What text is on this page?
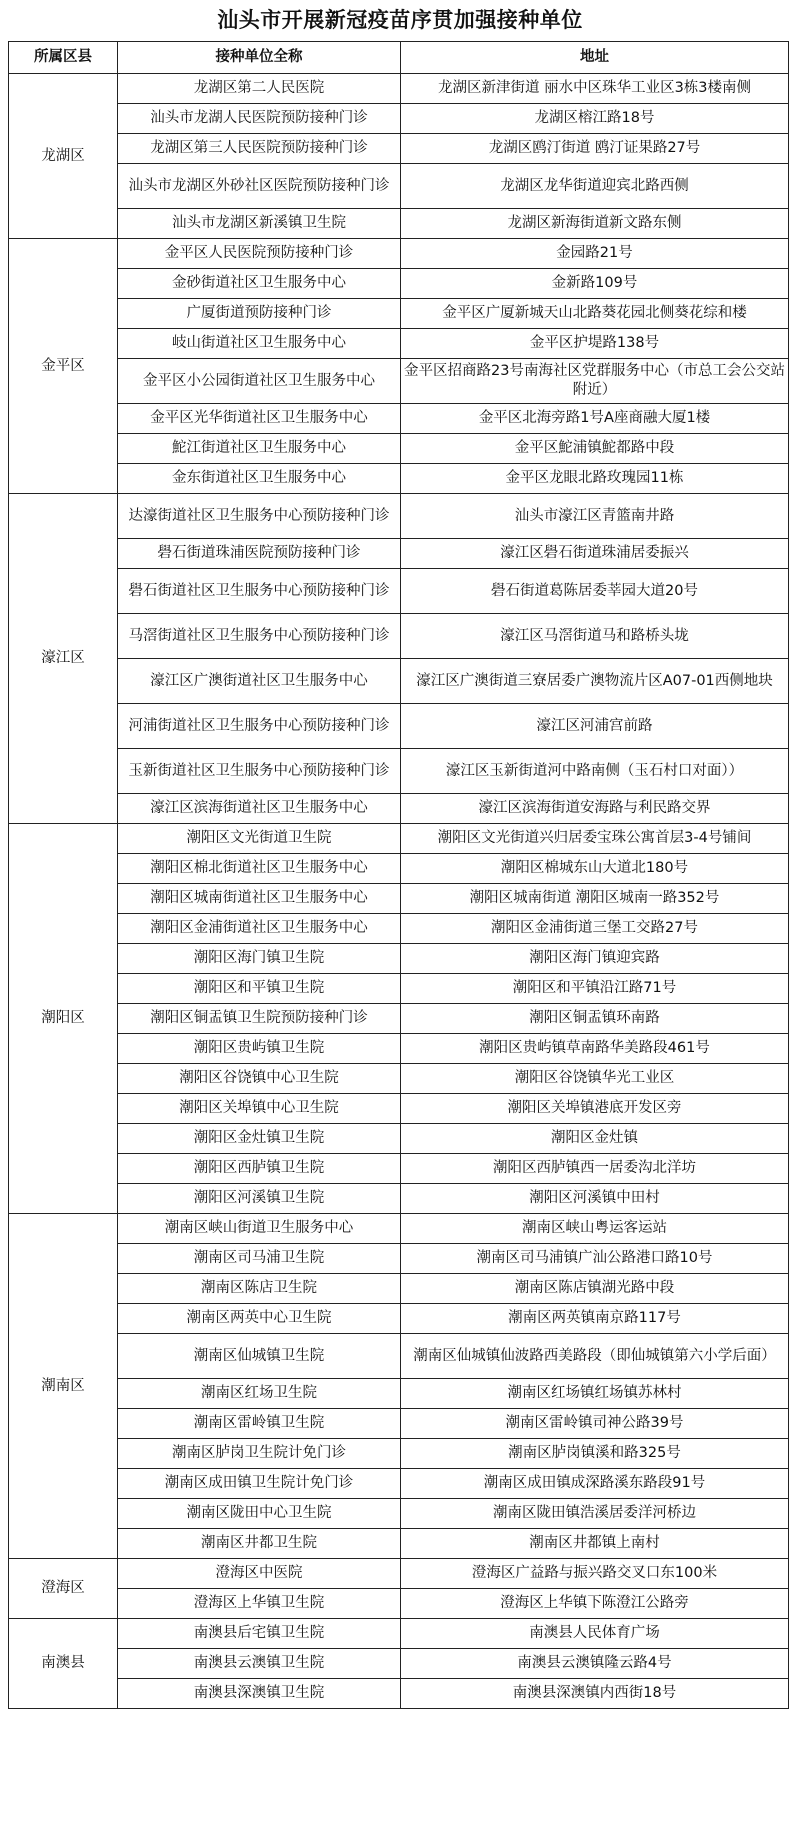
汕头市开展新冠疫苗序贯加强接种单位
所属区县	接种单位全称	地址
龙湖区	龙湖区第二人民医院	龙湖区新津街道 丽水中区珠华工业区3栋3楼南侧
	汕头市龙湖人民医院预防接种门诊	龙湖区榕江路18号
	龙湖区第三人民医院预防接种门诊	龙湖区鸥汀街道 鸥汀证果路27号
	汕头市龙湖区外砂社区医院预防接种门诊	龙湖区龙华街道迎宾北路西侧
	汕头市龙湖区新溪镇卫生院	龙湖区新海街道新文路东侧
金平区	金平区人民医院预防接种门诊	金园路21号
	金砂街道社区卫生服务中心	金新路109号
	广厦街道预防接种门诊	金平区广厦新城天山北路葵花园北侧葵花综和楼
	岐山街道社区卫生服务中心	金平区护堤路138号
	金平区小公园街道社区卫生服务中心	金平区招商路23号南海社区党群服务中心（市总工会公交站附近）
	金平区光华街道社区卫生服务中心	金平区北海旁路1号A座商融大厦1楼
	鮀江街道社区卫生服务中心	金平区鮀浦镇鮀都路中段
	金东街道社区卫生服务中心	金平区龙眼北路玫瑰园11栋
濠江区	达濠街道社区卫生服务中心预防接种门诊	汕头市濠江区青篮南井路
	礐石街道珠浦医院预防接种门诊	濠江区礐石街道珠浦居委振兴
	礐石街道社区卫生服务中心预防接种门诊	礐石街道葛陈居委莘园大道20号
	马滘街道社区卫生服务中心预防接种门诊	濠江区马滘街道马和路桥头垅
	濠江区广澳街道社区卫生服务中心	濠江区广澳街道三寮居委广澳物流片区A07-01西侧地块
	河浦街道社区卫生服务中心预防接种门诊	濠江区河浦宫前路
	玉新街道社区卫生服务中心预防接种门诊	濠江区玉新街道河中路南侧（玉石村口对面））
	濠江区滨海街道社区卫生服务中心	濠江区滨海街道安海路与利民路交界
潮阳区	潮阳区文光街道卫生院	潮阳区文光街道兴归居委宝珠公寓首层3-4号铺间
	潮阳区棉北街道社区卫生服务中心	潮阳区棉城东山大道北180号
	潮阳区城南街道社区卫生服务中心	潮阳区城南街道 潮阳区城南一路352号
	潮阳区金浦街道社区卫生服务中心	潮阳区金浦街道三堡工交路27号
	潮阳区海门镇卫生院	潮阳区海门镇迎宾路
	潮阳区和平镇卫生院	潮阳区和平镇沿江路71号
	潮阳区铜盂镇卫生院预防接种门诊	潮阳区铜盂镇环南路
	潮阳区贵屿镇卫生院	潮阳区贵屿镇草南路华美路段461号
	潮阳区谷饶镇中心卫生院	潮阳区谷饶镇华光工业区
	潮阳区关埠镇中心卫生院	潮阳区关埠镇港底开发区旁
	潮阳区金灶镇卫生院	潮阳区金灶镇
	潮阳区西胪镇卫生院	潮阳区西胪镇西一居委沟北洋坊
	潮阳区河溪镇卫生院	潮阳区河溪镇中田村
潮南区	潮南区峡山街道卫生服务中心	潮南区峡山粤运客运站
	潮南区司马浦卫生院	潮南区司马浦镇广汕公路港口路10号
	潮南区陈店卫生院	潮南区陈店镇湖光路中段
	潮南区两英中心卫生院	潮南区两英镇南京路117号
	潮南区仙城镇卫生院	潮南区仙城镇仙波路西美路段（即仙城镇第六小学后面）
	潮南区红场卫生院	潮南区红场镇红场镇苏林村
	潮南区雷岭镇卫生院	潮南区雷岭镇司神公路39号
	潮南区胪岗卫生院计免门诊	潮南区胪岗镇溪和路325号
	潮南区成田镇卫生院计免门诊	潮南区成田镇成深路溪东路段91号
	潮南区陇田中心卫生院	潮南区陇田镇浩溪居委洋河桥边
	潮南区井都卫生院	潮南区井都镇上南村
澄海区	澄海区中医院	澄海区广益路与振兴路交叉口东100米
	澄海区上华镇卫生院	澄海区上华镇下陈澄江公路旁
南澳县	南澳县后宅镇卫生院	南澳县人民体育广场
	南澳县云澳镇卫生院	南澳县云澳镇隆云路4号
	南澳县深澳镇卫生院	南澳县深澳镇内西街18号
